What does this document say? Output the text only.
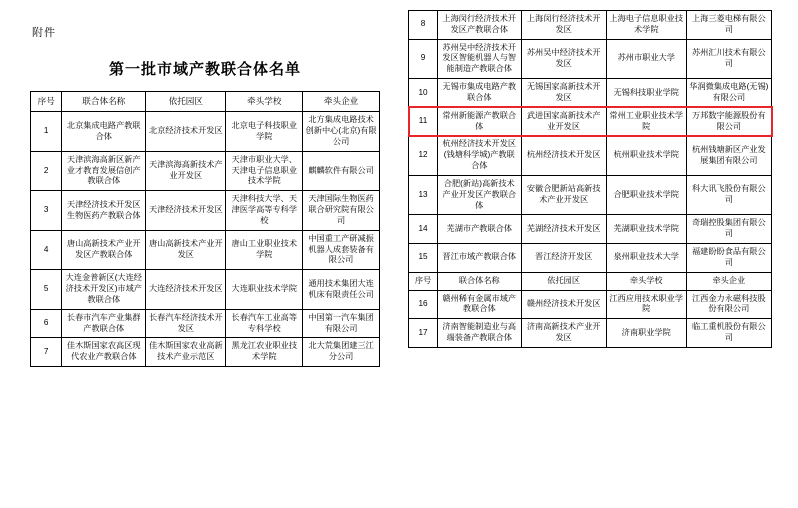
附件
第一批市域产教联合体名单
序号	联合体名称	依托园区	牵头学校	牵头企业
1	北京集成电路产教联合体	北京经济技术开发区	北京电子科技职业学院	北方集成电路技术创新中心(北京)有限公司
2	天津滨海高新区新产业才教育发展信创产教联合体	天津滨海高新技术产业开发区	天津市职业大学、天津电子信息职业技术学院	麒麟软件有限公司
3	天津经济技术开发区生物医药产教联合体	天津经济技术开发区	天津科技大学、天津医学高等专科学校	天津国际生物医药联合研究院有限公司
4	唐山高新技术产业开发区产教联合体	唐山高新技术产业开发区	唐山工业职业技术学院	中国重工产研减振机器人成套装备有限公司
5	大连金普新区(大连经济技术开发区)市域产教联合体	大连经济技术开发区	大连职业技术学院	通用技术集团大连机床有限责任公司
6	长春市汽车产业集群产教联合体	长春汽车经济技术开发区	长春汽车工业高等专科学校	中国第一汽车集团有限公司
7	佳木斯国家农高区现代农业产教联合体	佳木斯国家农业高新技术产业示范区	黑龙江农业职业技术学院	北大荒集团建三江分公司
8	上海闵行经济技术开发区产教联合体	上海闵行经济技术开发区	上海电子信息职业技术学院	上海三菱电梯有限公司
9	苏州吴中经济技术开发区智能机器人与智能制造产教联合体	苏州吴中经济技术开发区	苏州市职业大学	苏州汇川技术有限公司
10	无锡市集成电路产教联合体	无锡国家高新技术开发区	无锡科技职业学院	华润微集成电路(无锡)有限公司
11	常州新能源产教联合体	武进国家高新技术产业开发区	常州工业职业技术学院	万邦数字能源股份有限公司
12	杭州经济技术开发区(钱塘科学城)产教联合体	杭州经济技术开发区	杭州职业技术学院	杭州钱塘新区产业发展集团有限公司
13	合肥(新站)高新技术产业开发区产教联合体	安徽合肥新站高新技术产业开发区	合肥职业技术学院	科大讯飞股份有限公司
14	芜湖市产教联合体	芜湖经济技术开发区	芜湖职业技术学院	奇瑞控股集团有限公司
15	晋江市域产教联合体	晋江经济开发区	泉州职业技术大学	福建盼盼食品有限公司
序号	联合体名称	依托园区	牵头学校	牵头企业
16	赣州稀有金属市域产教联合体	赣州经济技术开发区	江西应用技术职业学院	江西金力永磁科技股份有限公司
17	济南智能制造业与高端装备产教联合体	济南高新技术产业开发区	济南职业学院	临工重机股份有限公司
